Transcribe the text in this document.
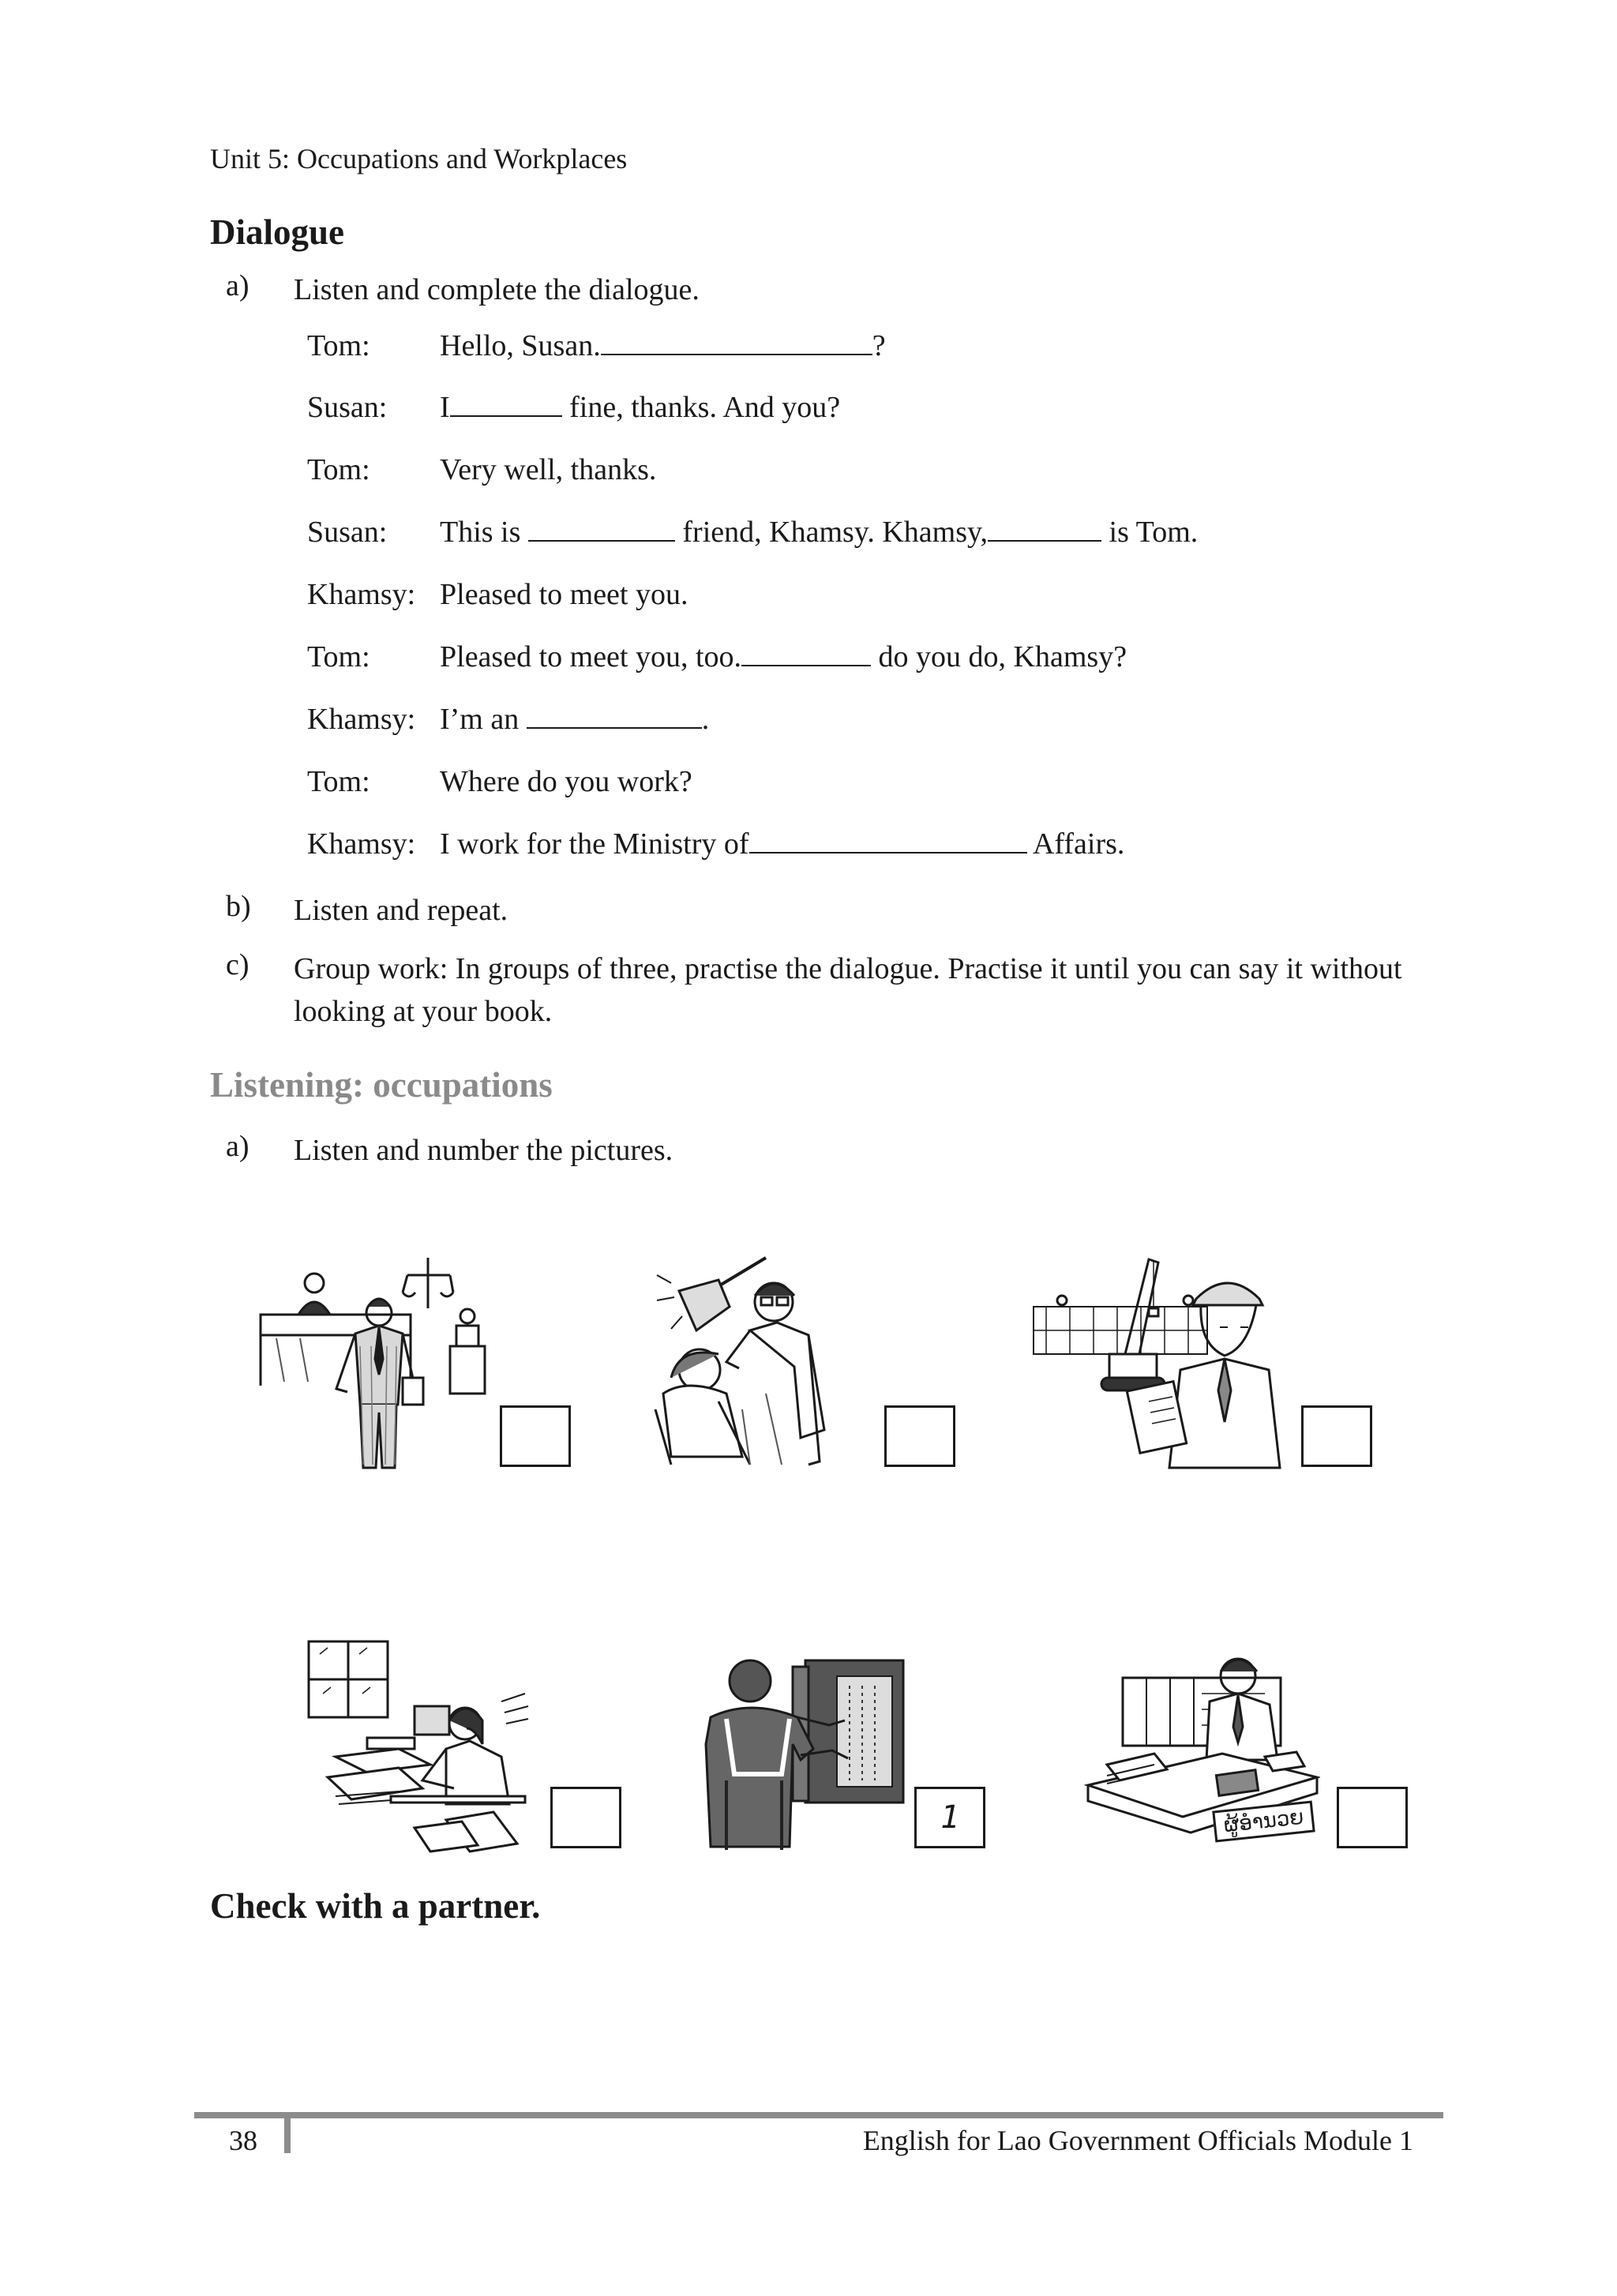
Unit 5: Occupations and Workplaces
Dialogue
a) Listen and complete the dialogue.
Tom: Hello, Susan.	?
Susan: I	fine, thanks. And you?
Tom: Very well, thanks.
Susan: This is	friend, Khamsy. Khamsy,	is Tom.
Khamsy: Pleased to meet you.
Tom: Pleased to meet you, too.	do you do, Khamsy?
Khamsy: I’m an	.
Tom: Where do you work?
Khamsy: I work for the Ministry of	Affairs.
b) Listen and repeat.
c) Group work: In groups of three, practise the dialogue. Practise it until you can say it without looking at your book.
Listening: occupations
a) Listen and number the pictures.
1	ຜູ້ອຳນວຍ
Check with a partner.
38	English for Lao Government Officials Module 1
